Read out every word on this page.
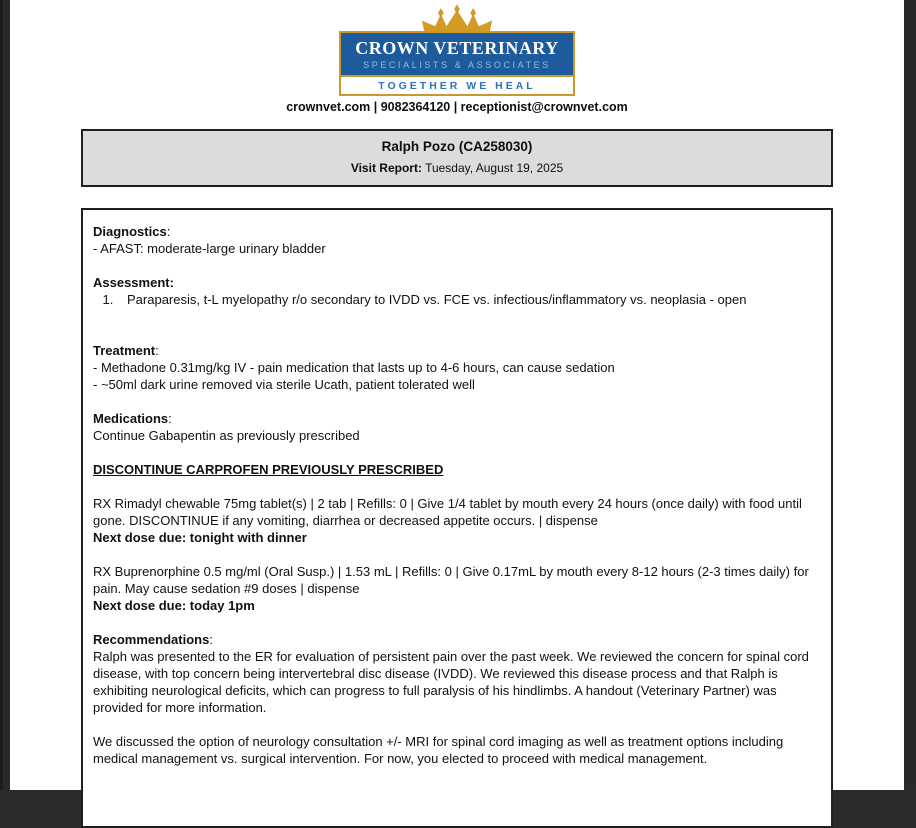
CROWN VETERINARY
SPECIALISTS & ASSOCIATES
TOGETHER WE HEAL
crownvet.com | 9082364120 | receptionist@crownvet.com
Ralph Pozo (CA258030)
Visit Report: Tuesday, August 19, 2025
Diagnostics:
- AFAST: moderate-large urinary bladder
Assessment:
1. Paraparesis, t-L myelopathy r/o secondary to IVDD vs. FCE vs. infectious/inflammatory vs. neoplasia - open
Treatment:
- Methadone 0.31mg/kg IV - pain medication that lasts up to 4-6 hours, can cause sedation
- ~50ml dark urine removed via sterile Ucath, patient tolerated well
Medications:
Continue Gabapentin as previously prescribed
DISCONTINUE CARPROFEN PREVIOUSLY PRESCRIBED
RX Rimadyl chewable 75mg tablet(s) | 2 tab | Refills: 0 | Give 1/4 tablet by mouth every 24 hours (once daily) with food until gone. DISCONTINUE if any vomiting, diarrhea or decreased appetite occurs. | dispense
Next dose due: tonight with dinner
RX Buprenorphine 0.5 mg/ml (Oral Susp.) | 1.53 mL | Refills: 0 | Give 0.17mL by mouth every 8-12 hours (2-3 times daily) for pain. May cause sedation #9 doses | dispense
Next dose due: today 1pm
Recommendations:
Ralph was presented to the ER for evaluation of persistent pain over the past week. We reviewed the concern for spinal cord disease, with top concern being intervertebral disc disease (IVDD). We reviewed this disease process and that Ralph is exhibiting neurological deficits, which can progress to full paralysis of his hindlimbs. A handout (Veterinary Partner) was provided for more information.
We discussed the option of neurology consultation +/- MRI for spinal cord imaging as well as treatment options including medical management vs. surgical intervention. For now, you elected to proceed with medical management.
